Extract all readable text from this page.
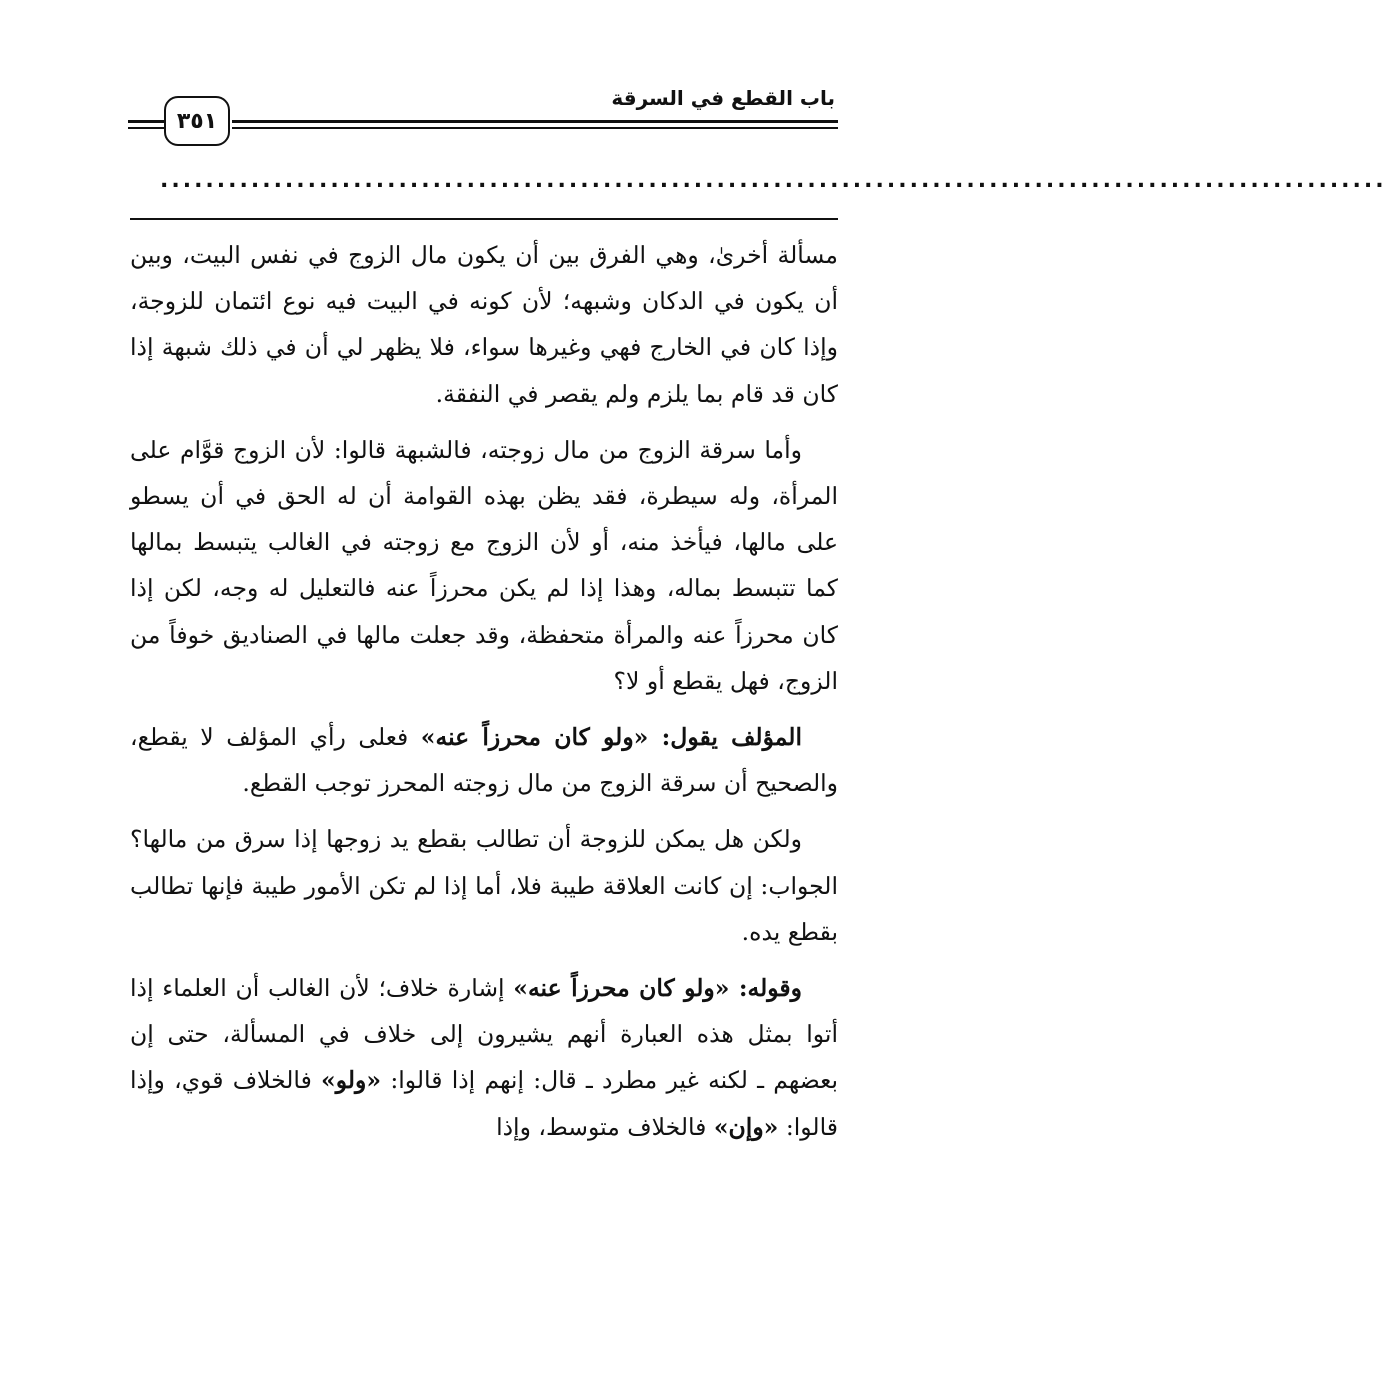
باب القطع في السرقة
٣٥١
............................................................................................................

مسألة أخرىٰ، وهي الفرق بين أن يكون مال الزوج في نفس البيت، وبين أن يكون في الدكان وشبهه؛ لأن كونه في البيت فيه نوع ائتمان للزوجة، وإذا كان في الخارج فهي وغيرها سواء، فلا يظهر لي أن في ذلك شبهة إذا كان قد قام بما يلزم ولم يقصر في النفقة.

وأما سرقة الزوج من مال زوجته، فالشبهة قالوا: لأن الزوج قوَّام على المرأة، وله سيطرة، فقد يظن بهذه القوامة أن له الحق في أن يسطو على مالها، فيأخذ منه، أو لأن الزوج مع زوجته في الغالب يتبسط بمالها كما تتبسط بماله، وهذا إذا لم يكن محرزاً عنه فالتعليل له وجه، لكن إذا كان محرزاً عنه والمرأة متحفظة، وقد جعلت مالها في الصناديق خوفاً من الزوج، فهل يقطع أو لا؟

المؤلف يقول: «ولو كان محرزاً عنه» فعلى رأي المؤلف لا يقطع، والصحيح أن سرقة الزوج من مال زوجته المحرز توجب القطع.

ولكن هل يمكن للزوجة أن تطالب بقطع يد زوجها إذا سرق من مالها؟ الجواب: إن كانت العلاقة طيبة فلا، أما إذا لم تكن الأمور طيبة فإنها تطالب بقطع يده.

وقوله: «ولو كان محرزاً عنه» إشارة خلاف؛ لأن الغالب أن العلماء إذا أتوا بمثل هذه العبارة أنهم يشيرون إلى خلاف في المسألة، حتى إن بعضهم ـ لكنه غير مطرد ـ قال: إنهم إذا قالوا: «ولو» فالخلاف قوي، وإذا قالوا: «وإن» فالخلاف متوسط، وإذا
